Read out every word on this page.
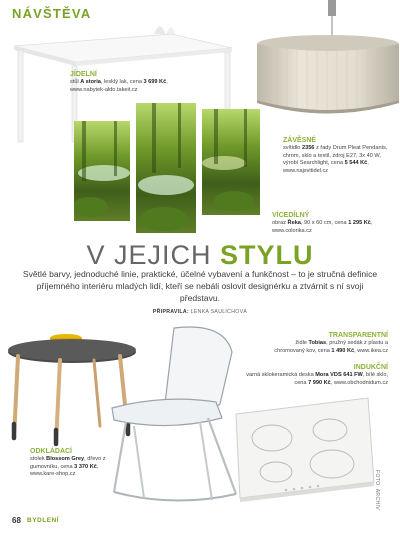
NÁVŠTĚVA
JÍDELNÍ
stůl A storia, lesklý lak, cena 3 699 Kč,
www.nabytek-aldo.takeit.cz
ZÁVĚSNÉ
svítidlo 2356 z řady Drum Pleat Pendants, chrom, sklo a textil, zdroj E27, 3x 40 W, výrobí Searchlight, cena 5 544 Kč, www.najsvitidel.cz
VÍCEDÍLNÝ
obraz Řeka, 90 x 60 cm, cena 1 295 Kč, www.colorika.cz
V JEJICH STYLU
Světlé barvy, jednoduché linie, praktické, účelné vybavení a funkčnost – to je stručná definice příjemného interiéru mladých lidí, kteří se nebáli oslovit designérku a ztvárnit s ní svoji představu.
PŘIPRAVILA: LENKA SAULICHOVÁ
ODKLÁDACÍ
stolek Blossom Grey, dřevo z gumovníku, cena 3 370 Kč, www.kare-shop.cz
TRANSPARENTNÍ
židle Tobias, pružný sedák z plastu a chromovaný kov, cena 1 490 Kč, www.ikea.cz
INDUKČNÍ
varná sklokeramická deska Mora VDS 641 FW, bílé sklo, cena 7 990 Kč, www.obchodnidum.cz
FOTO: ARCHIV
68 BYDLENÍ
